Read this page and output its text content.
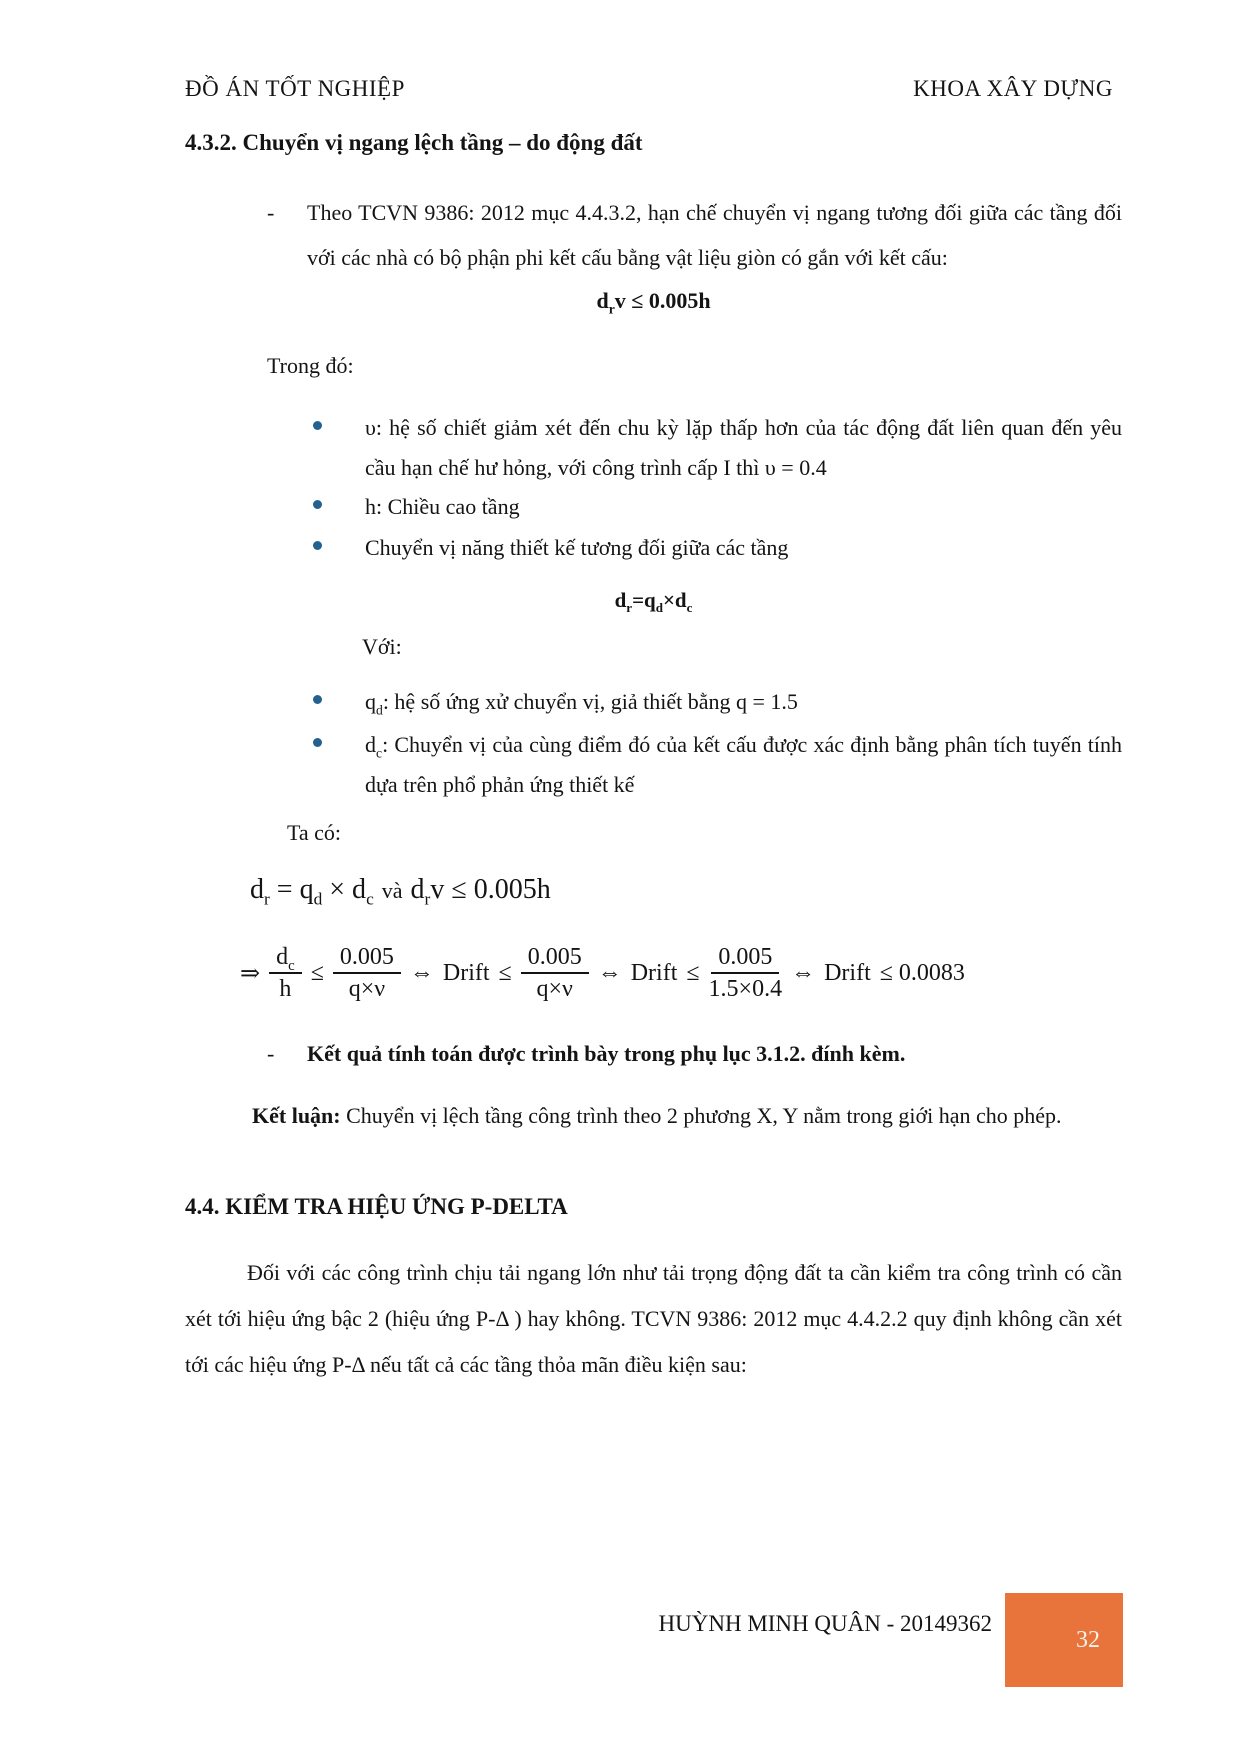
ĐỒ ÁN TỐT NGHIỆP	KHOA XÂY DỰNG
4.3.2. Chuyển vị ngang lệch tầng – do động đất
- Theo TCVN 9386: 2012 mục 4.4.3.2, hạn chế chuyển vị ngang tương đối giữa các tầng đối với các nhà có bộ phận phi kết cấu bằng vật liệu giòn có gắn với kết cấu:
$d_rv \le 0.005h$
Trong đó:
υ: hệ số chiết giảm xét đến chu kỳ lặp thấp hơn của tác động đất liên quan đến yêu cầu hạn chế hư hỏng, với công trình cấp I thì υ = 0.4
h: Chiều cao tầng
Chuyển vị năng thiết kế tương đối giữa các tầng
$d_r=q_d\times d_c$
Với:
$q_d$: hệ số ứng xử chuyển vị, giả thiết bằng q = 1.5
$d_c$: Chuyển vị của cùng điểm đó của kết cấu được xác định bằng phân tích tuyến tính dựa trên phổ phản ứng thiết kế
Ta có:
$d_r = q_d \times d_c$ và $d_rv \le 0.005h$
⇒ $\frac{d_c}{h} \le \frac{0.005}{q\times\nu}$ ⇔ Drift ≤ $\frac{0.005}{q\times\nu}$ ⇔ Drift ≤ $\frac{0.005}{1.5\times 0.4}$ ⇔ Drift ≤ 0.0083
- Kết quả tính toán được trình bày trong phụ lục 3.1.2. đính kèm.
Kết luận: Chuyển vị lệch tầng công trình theo 2 phương X, Y nằm trong giới hạn cho phép.
4.4. KIỂM TRA HIỆU ỨNG P-DELTA
Đối với các công trình chịu tải ngang lớn như tải trọng động đất ta cần kiểm tra công trình có cần xét tới hiệu ứng bậc 2 (hiệu ứng P-Δ ) hay không. TCVN 9386: 2012 mục 4.4.2.2 quy định không cần xét tới các hiệu ứng P-Δ nếu tất cả các tầng thỏa mãn điều kiện sau:
HUỲNH MINH QUÂN - 20149362
32
